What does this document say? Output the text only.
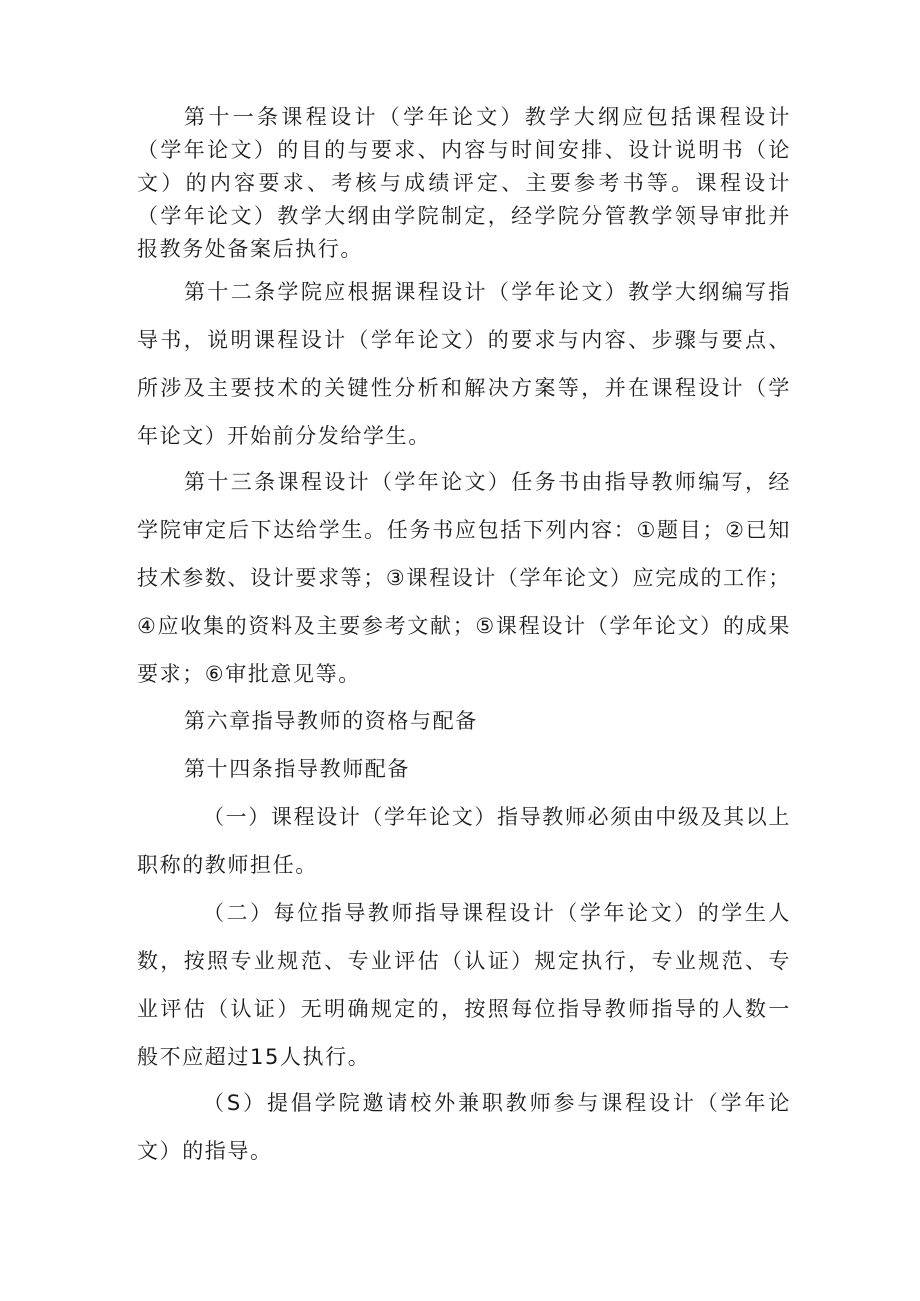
第十一条课程设计（学年论文）教学大纲应包括课程设计（学年论文）的目的与要求、内容与时间安排、设计说明书（论文）的内容要求、考核与成绩评定、主要参考书等。课程设计（学年论文）教学大纲由学院制定，经学院分管教学领导审批并报教务处备案后执行。

第十二条学院应根据课程设计（学年论文）教学大纲编写指导书，说明课程设计（学年论文）的要求与内容、步骤与要点、所涉及主要技术的关键性分析和解决方案等，并在课程设计（学年论文）开始前分发给学生。

第十三条课程设计（学年论文）任务书由指导教师编写，经学院审定后下达给学生。任务书应包括下列内容：①题目；②已知技术参数、设计要求等；③课程设计（学年论文）应完成的工作；④应收集的资料及主要参考文献；⑤课程设计（学年论文）的成果要求；⑥审批意见等。

第六章指导教师的资格与配备

第十四条指导教师配备

（一）课程设计（学年论文）指导教师必须由中级及其以上职称的教师担任。

（二）每位指导教师指导课程设计（学年论文）的学生人数，按照专业规范、专业评估（认证）规定执行，专业规范、专业评估（认证）无明确规定的，按照每位指导教师指导的人数一般不应超过15人执行。

（S）提倡学院邀请校外兼职教师参与课程设计（学年论文）的指导。
